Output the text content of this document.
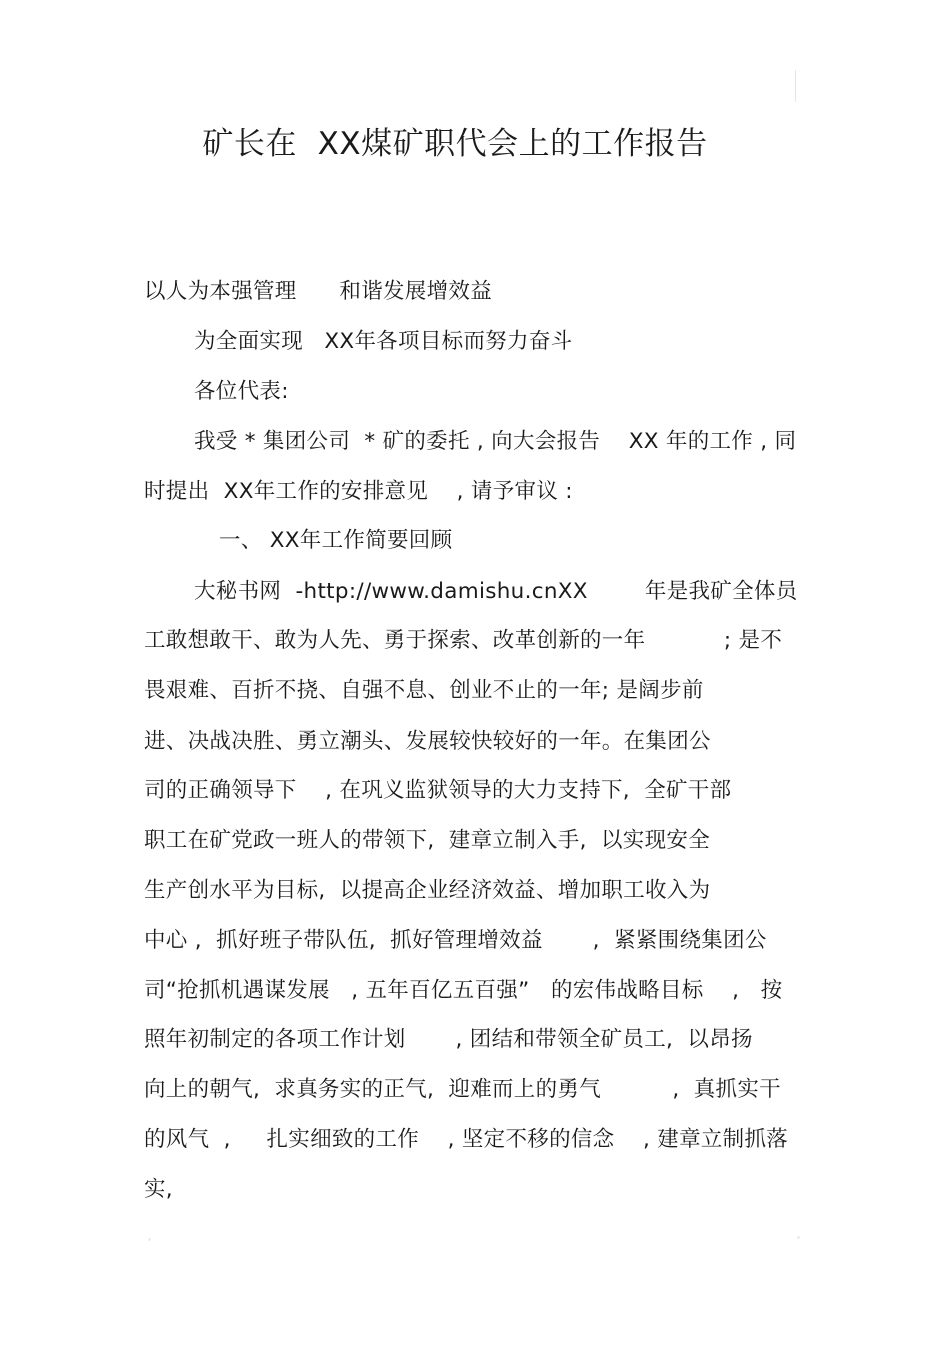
矿长在  XX煤矿职代会上的工作报告
以人为本强管理      和谐发展增效益
为全面实现   XX年各项目标而努力奋斗
各位代表:
我受 * 集团公司  * 矿的委托 , 向大会报告    XX 年的工作 , 同
时提出  XX年工作的安排意见    , 请予审议 :
一、 XX年工作简要回顾
大秘书网  -http://www.damishu.cnXX        年是我矿全体员
工敢想敢干、敢为人先、勇于探索、改革创新的一年           ; 是不
畏艰难、百折不挠、自强不息、创业不止的一年; 是阔步前
进、决战决胜、勇立潮头、发展较快较好的一年。在集团公
司的正确领导下    , 在巩义监狱领导的大力支持下,  全矿干部
职工在矿党政一班人的带领下,  建章立制入手,  以实现安全
生产创水平为目标,  以提高企业经济效益、增加职工收入为
中心 ,  抓好班子带队伍,  抓好管理增效益       ,  紧紧围绕集团公
司“抢抓机遇谋发展   , 五年百亿五百强”   的宏伟战略目标    ,   按
照年初制定的各项工作计划       , 团结和带领全矿员工,  以昂扬
向上的朝气,  求真务实的正气,  迎难而上的勇气          ,  真抓实干
的风气  ,     扎实细致的工作    , 坚定不移的信念    , 建章立制抓落
实,
